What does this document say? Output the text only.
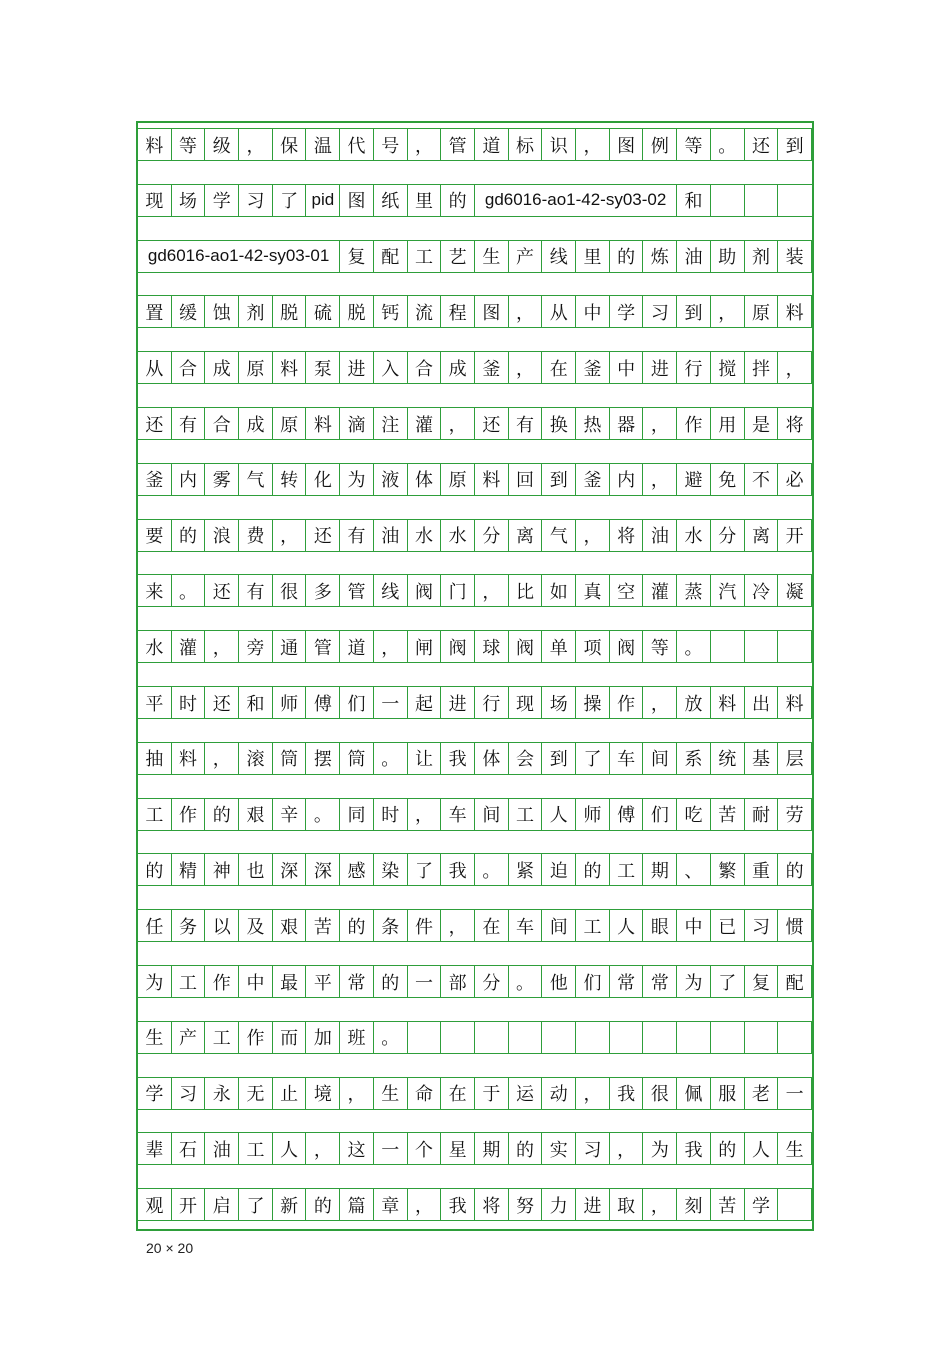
料 等 级 ， 保 温 代 号 ， 管 道 标 识 ， 图 例 等 。 还 到
现 场 学 习 了 pid 图 纸 里 的	gd6016-ao1-42-sy03-02	和
gd6016-ao1-42-sy03-01	复 配 工 艺 生 产 线 里 的 炼 油 助 剂 装
置 缓 蚀 剂 脱 硫 脱 钙 流 程 图 ， 从 中 学 习 到 ， 原 料
从 合 成 原 料 泵 进 入 合 成 釜 ， 在 釜 中 进 行 搅 拌 ，
还 有 合 成 原 料 滴 注 灌 ， 还 有 换 热 器 ， 作 用 是 将
釜 内 雾 气 转 化 为 液 体 原 料 回 到 釜 内 ， 避 免 不 必
要 的 浪 费 ， 还 有 油 水 水 分 离 气 ， 将 油 水 分 离 开
来 。 还 有 很 多 管 线 阀 门 ， 比 如 真 空 灌 蒸 汽 冷 凝
水 灌 ， 旁 通 管 道 ， 闸 阀 球 阀 单 项 阀 等 。
平 时 还 和 师 傅 们 一 起 进 行 现 场 操 作 ， 放 料 出 料
抽 料 ， 滚 筒 摆 筒 。 让 我 体 会 到 了 车 间 系 统 基 层
工 作 的 艰 辛 。 同 时 ， 车 间 工 人 师 傅 们 吃 苦 耐 劳
的 精 神 也 深 深 感 染 了 我 。 紧 迫 的 工 期 、 繁 重 的
任 务 以 及 艰 苦 的 条 件 ， 在 车 间 工 人 眼 中 已 习 惯
为 工 作 中 最 平 常 的 一 部 分 。 他 们 常 常 为 了 复 配
生 产 工 作 而 加 班 。
学 习 永 无 止 境 ， 生 命 在 于 运 动 ， 我 很 佩 服 老 一
辈 石 油 工 人 ， 这 一 个 星 期 的 实 习 ， 为 我 的 人 生
观 开 启 了 新 的 篇 章 ， 我 将 努 力 进 取 ， 刻 苦 学
20 × 20
